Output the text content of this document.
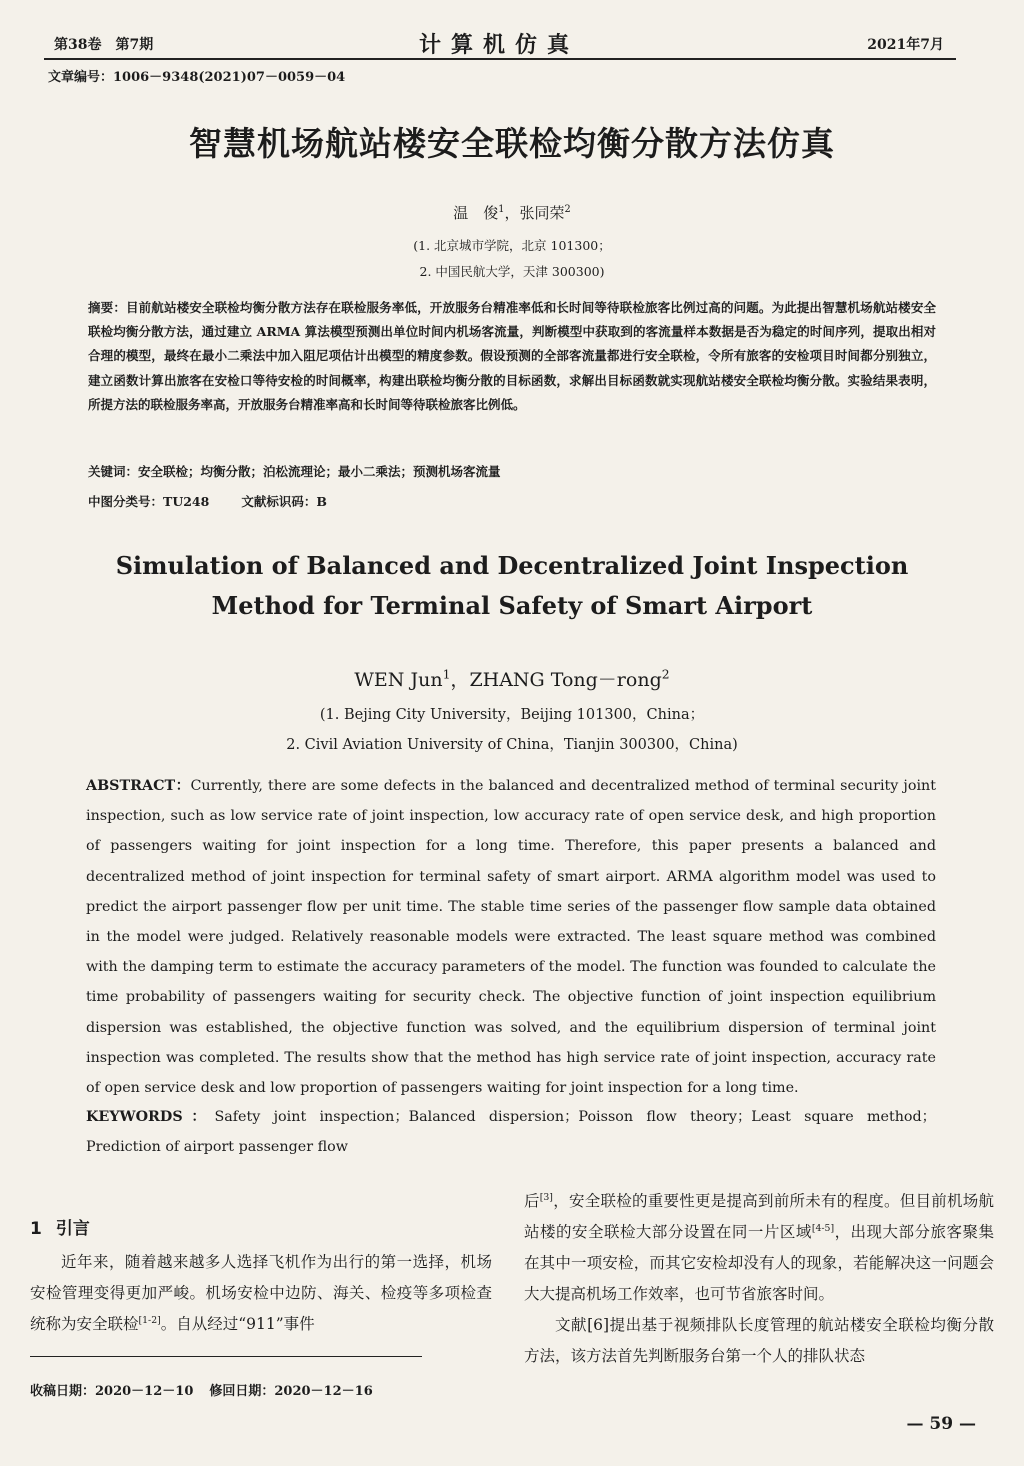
第38卷　第7期	计算机仿真	2021年7月
文章编号：1006－9348(2021)07－0059－04
智慧机场航站楼安全联检均衡分散方法仿真
温　俊$^1$，张同荣$^2$
(1. 北京城市学院，北京 101300；
2. 中国民航大学，天津 300300)
摘要：目前航站楼安全联检均衡分散方法存在联检服务率低，开放服务台精准率低和长时间等待联检旅客比例过高的问题。为此提出智慧机场航站楼安全联检均衡分散方法，通过建立 ARMA 算法模型预测出单位时间内机场客流量，判断模型中获取到的客流量样本数据是否为稳定的时间序列，提取出相对合理的模型，最终在最小二乘法中加入阻尼项估计出模型的精度参数。假设预测的全部客流量都进行安全联检，令所有旅客的安检项目时间都分别独立，建立函数计算出旅客在安检口等待安检的时间概率，构建出联检均衡分散的目标函数，求解出目标函数就实现航站楼安全联检均衡分散。实验结果表明，所提方法的联检服务率高，开放服务台精准率高和长时间等待联检旅客比例低。
关键词：安全联检；均衡分散；泊松流理论；最小二乘法；预测机场客流量
中图分类号：TU248	文献标识码：B
Simulation of Balanced and Decentralized Joint Inspection
Method for Terminal Safety of Smart Airport
WEN Jun$^1$，ZHANG Tong－rong$^2$
(1. Bejing City University，Beijing 101300，China；
2. Civil Aviation University of China，Tianjin 300300，China)
ABSTRACT：Currently, there are some defects in the balanced and decentralized method of terminal security joint inspection, such as low service rate of joint inspection, low accuracy rate of open service desk, and high proportion of passengers waiting for joint inspection for a long time. Therefore, this paper presents a balanced and decentralized method of joint inspection for terminal safety of smart airport. ARMA algorithm model was used to predict the airport passenger flow per unit time. The stable time series of the passenger flow sample data obtained in the model were judged. Relatively reasonable models were extracted. The least square method was combined with the damping term to estimate the accuracy parameters of the model. The function was founded to calculate the time probability of passengers waiting for security check. The objective function of joint inspection equilibrium dispersion was established, the objective function was solved, and the equilibrium dispersion of terminal joint inspection was completed. The results show that the method has high service rate of joint inspection, accuracy rate of open service desk and low proportion of passengers waiting for joint inspection for a long time.
KEYWORDS：Safety joint inspection；Balanced dispersion；Poisson flow theory；Least square method； Prediction of airport passenger flow
1 引言
近年来，随着越来越多人选择飞机作为出行的第一选择，机场安检管理变得更加严峻。机场安检中边防、海关、检疫等多项检查统称为安全联检[1-2]。自从经过“911”事件
收稿日期：2020－12－10 修回日期：2020－12－16

后[3]，安全联检的重要性更是提高到前所未有的程度。但目前机场航站楼的安全联检大部分设置在同一片区域[4-5]，出现大部分旅客聚集在其中一项安检，而其它安检却没有人的现象，若能解决这一问题会大大提高机场工作效率，也可节省旅客时间。

文献[6]提出基于视频排队长度管理的航站楼安全联检均衡分散方法，该方法首先判断服务台第一个人的排队状态

— 59 —
